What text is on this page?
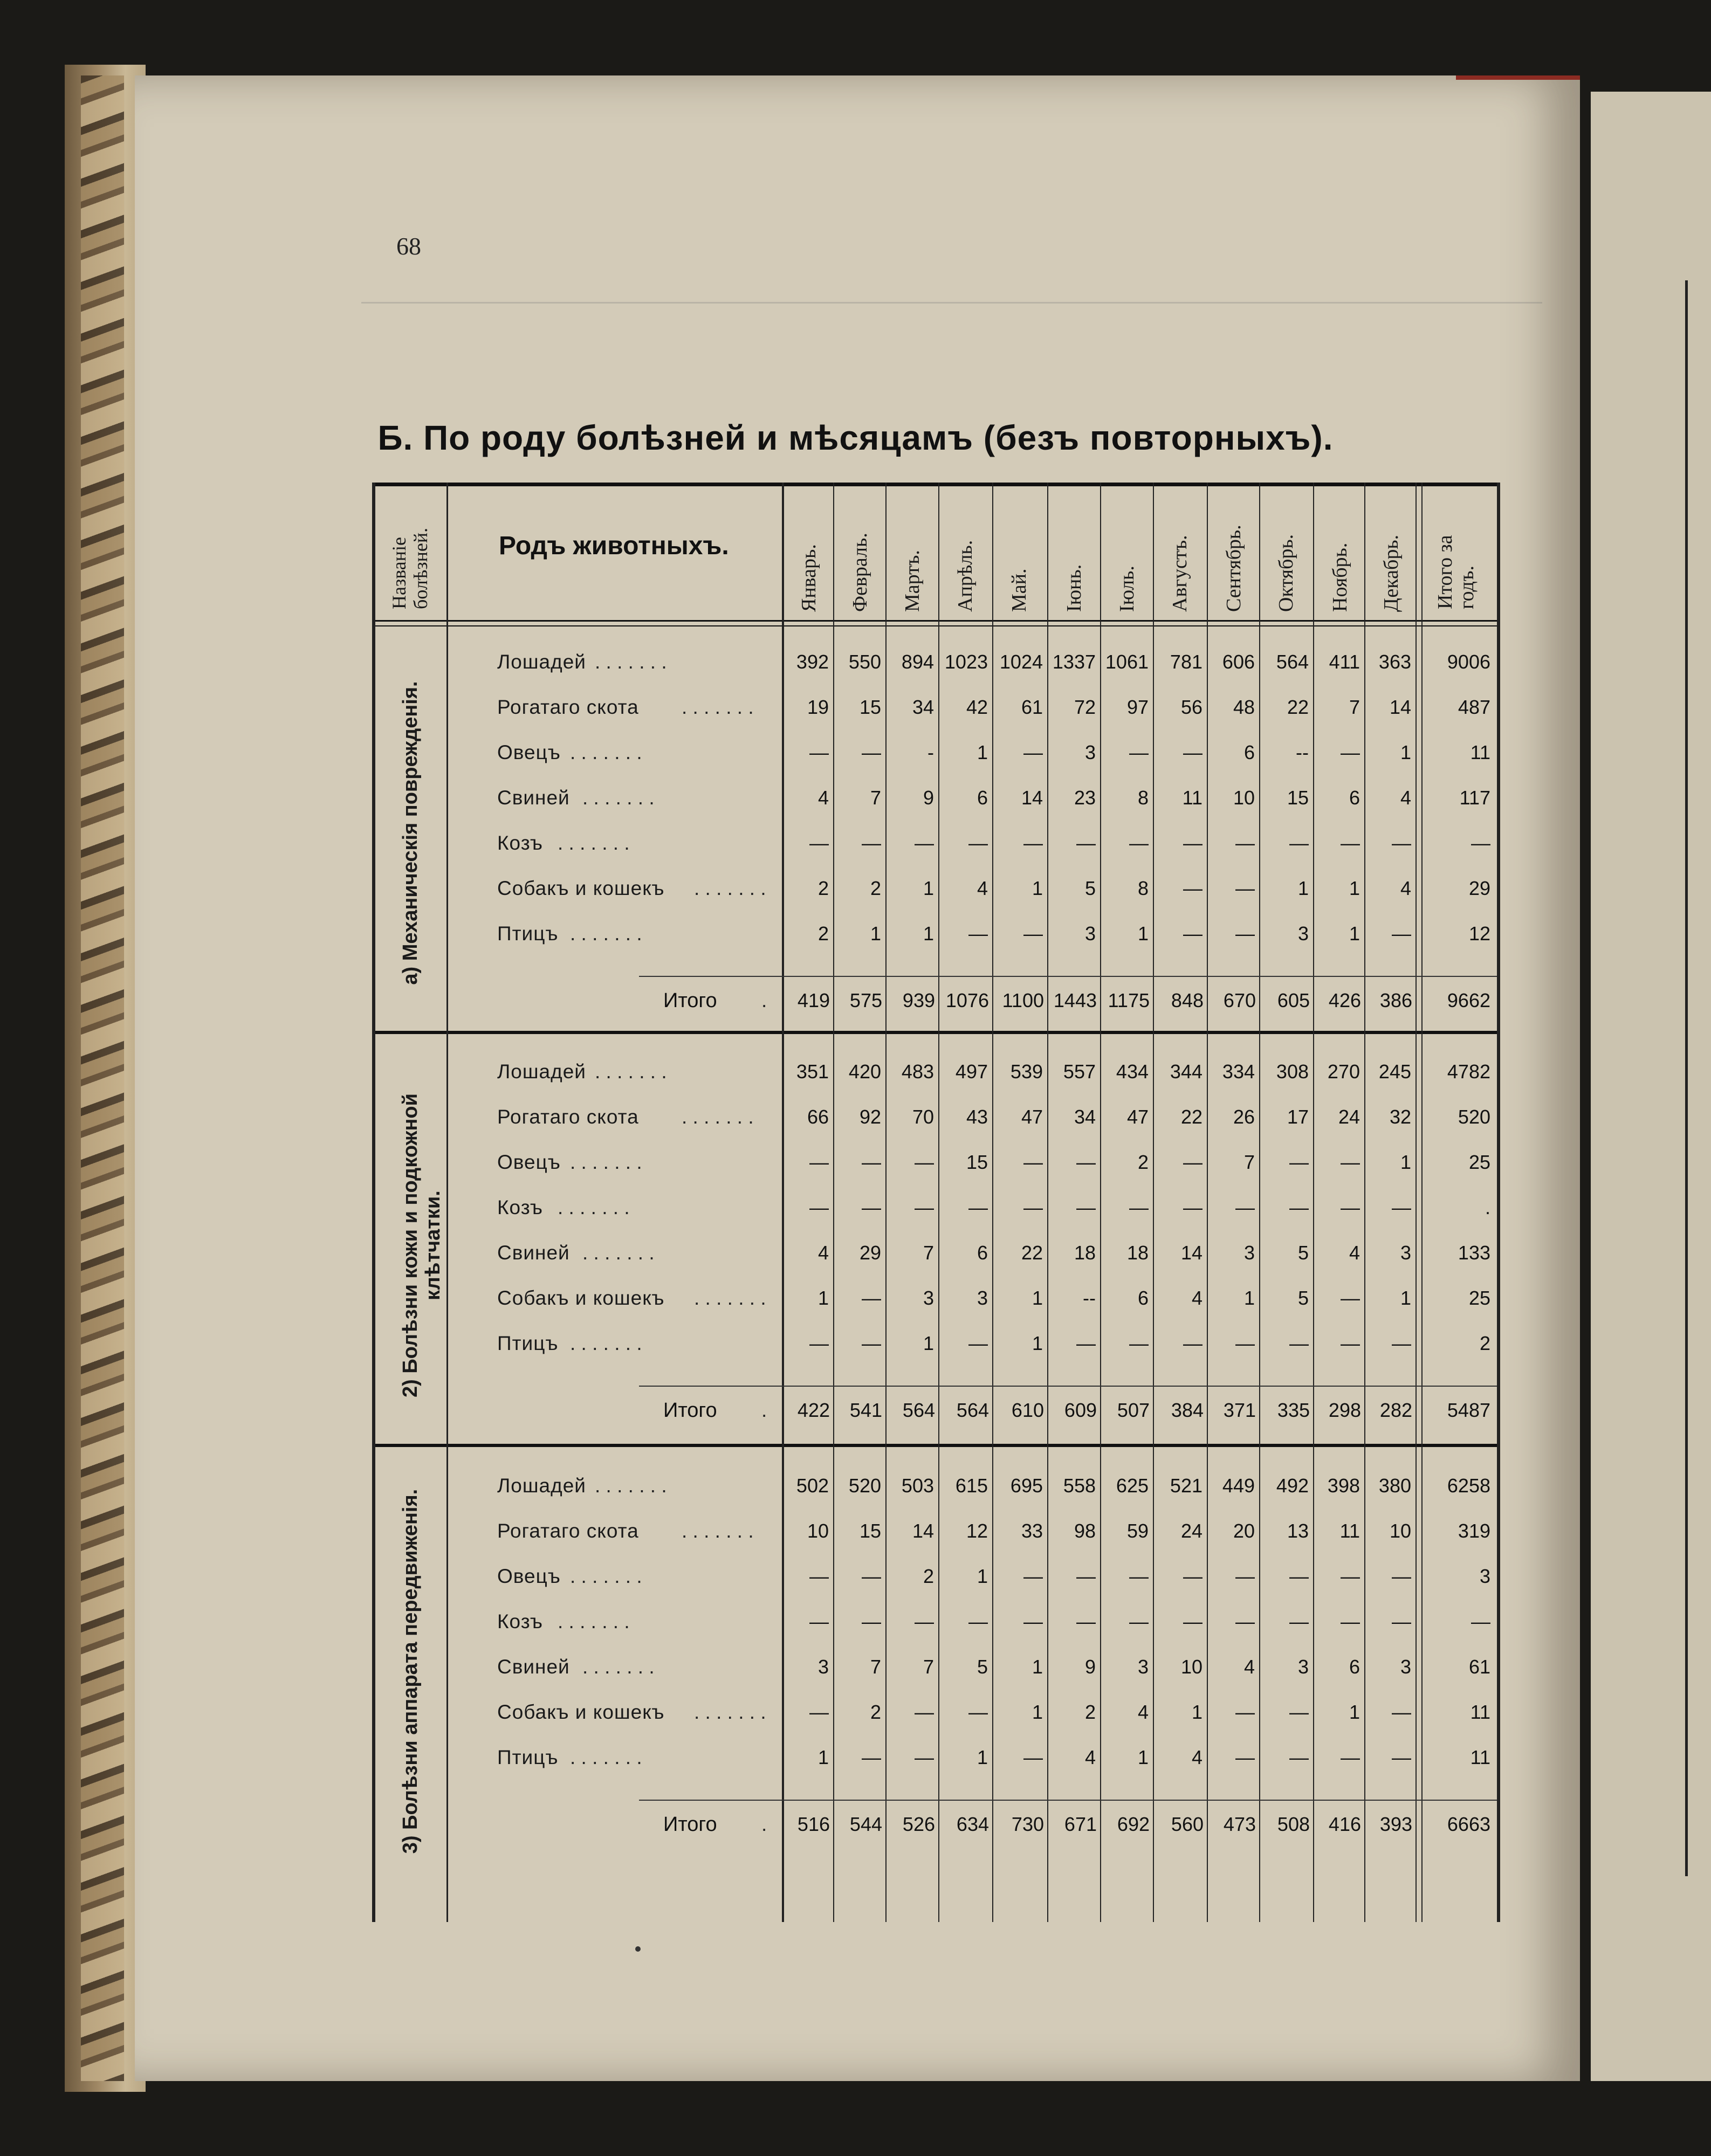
68
Б. По роду болѣзней и мѣсяцамъ (безъ повторныхъ).
Названіе болѣзней.	Родъ животныхъ.	Январь. Февраль. Мартъ. Апрѣль. Май. Іюнь. Іюль. Августъ. Сентябрь. Октябрь. Ноябрь. Декабрь. Итого за годъ.
а) Механическія поврежденія.
Лошадей . . . . . . .	392	550	894 1023 1024 1337 1061	781	606	564	411 363	9006
Рогатаго скота . . . . . . .	19	15	34	42	61	72	97	56	48	22	7	14	487
Овецъ . . . . . . .	—	—	-	1	—	3	—	—	6	--	—	1	11
Свиней . . . . . . .	4	7	9	6	14	23	8	11	10	15	6	4	117
Козъ . . . . . . .	—	—	—	—	—	—	—	—	—	—	—	—	—
Собакъ и кошекъ . . . . . . .	2	2	1	4	1	5	8	—	—	1	1	4	29
Птицъ . . . . . . .	2	1	1	—	—	3	1	—	—	3	1	—	12
Итого .	419	575	939 1076 1100 1443 1175	848	670	605 426 386	9662
2) Болѣзни кожи и подкожной клѣтчатки.
Лошадей . . . . . . .	351	420	483	497	539	557	434	344	334	308 270 245	4782
Рогатаго скота . . . . . . .	66	92	70	43	47	34	47	22	26	17	24	32	520
Овецъ . . . . . . .	—	—	—	15	—	—	2	—	7	—	—	1	25
Козъ . . . . . . .	—	—	—	—	—	—	—	—	—	—	—	—	.
Свиней . . . . . . .	4	29	7	6	22	18	18	14	3	5	4	3	133
Собакъ и кошекъ . . . . . . .	1	—	3	3	1	--	6	4	1	5	—	1	25
Птицъ . . . . . . .	—	—	1	—	1	—	—	—	—	—	—	—	2
Итого .	422	541	564	564	610	609	507	384	371	335 298 282	5487
3) Болѣзни аппарата передвиженія.
Лошадей . . . . . . .	502	520	503	615	695	558	625	521	449	492 398 380	6258
Рогатаго скота . . . . . . .	10	15	14	12	33	98	59	24	20	13	11	10	319
Овецъ . . . . . . .	—	—	2	1	—	—	—	—	—	—	—	—	3
Козъ . . . . . . .	—	—	—	—	—	—	—	—	—	—	—	—	—
Свиней . . . . . . .	3	7	7	5	1	9	3	10	4	3	6	3	61
Собакъ и кошекъ . . . . . . .	—	2	—	—	1	2	4	1	—	—	1	—	11
Птицъ . . . . . . .	1	—	—	1	—	4	1	4	—	—	—	—	11
Итого .	516	544	526	634	730	671	692	560	473	508 416 393	6663
